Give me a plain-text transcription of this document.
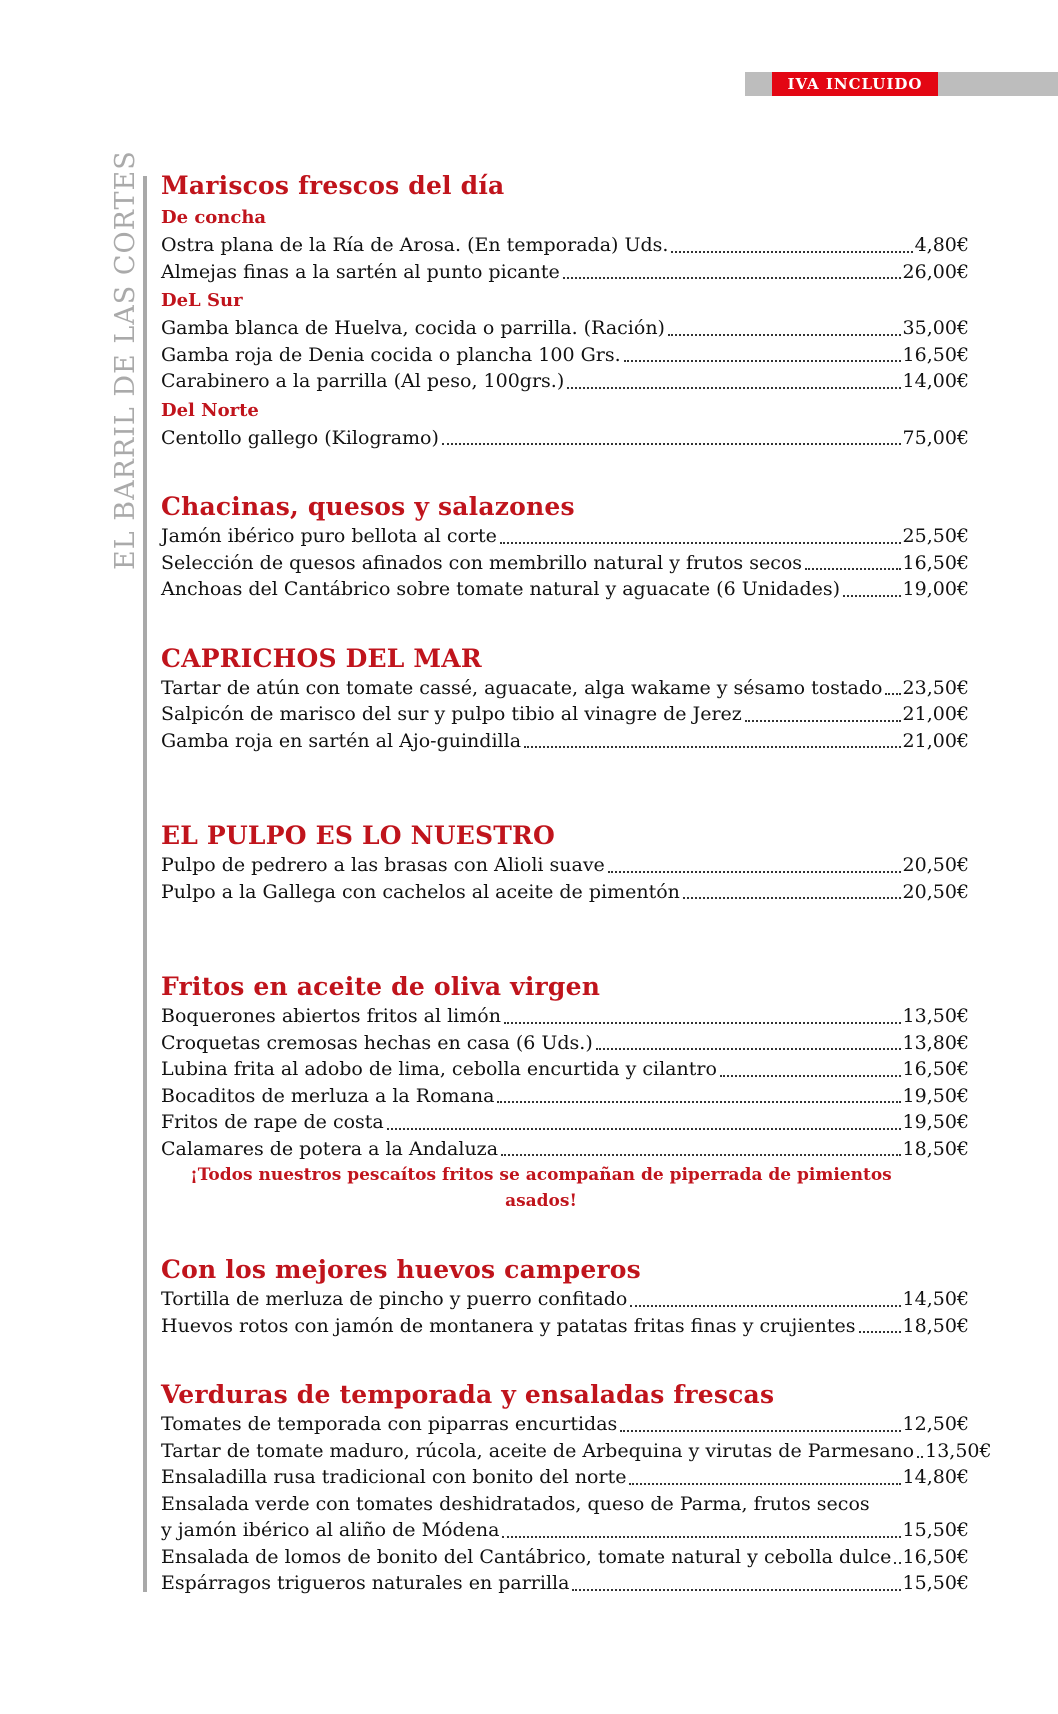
IVA INCLUIDO
EL BARRIL DE LAS CORTES Mariscos frescos del día
De concha
Ostra plana de la Ría de Arosa. (En temporada) Uds.	4,80€
Almejas finas a la sartén al punto picante	26,00€
DeL Sur
Gamba blanca de Huelva, cocida o parrilla. (Ración)	35,00€
Gamba roja de Denia cocida o plancha 100 Grs.	16,50€
Carabinero a la parrilla (Al peso, 100grs.)	14,00€
Del Norte
Centollo gallego (Kilogramo)	75,00€
Chacinas, quesos y salazones
Jamón ibérico puro bellota al corte	25,50€
Selección de quesos afinados con membrillo natural y frutos secos	16,50€
Anchoas del Cantábrico sobre tomate natural y aguacate (6 Unidades)	19,00€
CAPRICHOS DEL MAR
Tartar de atún con tomate cassé, aguacate, alga wakame y sésamo tostado 23,50€
Salpicón de marisco del sur y pulpo tibio al vinagre de Jerez	21,00€
Gamba roja en sartén al Ajo-guindilla	21,00€
EL PULPO ES LO NUESTRO
Pulpo de pedrero a las brasas con Alioli suave	20,50€
Pulpo a la Gallega con cachelos al aceite de pimentón	20,50€
Fritos en aceite de oliva virgen
Boquerones abiertos fritos al limón	13,50€
Croquetas cremosas hechas en casa (6 Uds.)	13,80€
Lubina frita al adobo de lima, cebolla encurtida y cilantro	16,50€
Bocaditos de merluza a la Romana	19,50€
Fritos de rape de costa	19,50€
Calamares de potera a la Andaluza	18,50€
¡Todos nuestros pescaítos fritos se acompañan de piperrada de pimientos
asados!
Con los mejores huevos camperos
Tortilla de merluza de pincho y puerro confitado	14,50€
Huevos rotos con jamón de montanera y patatas fritas finas y crujientes 18,50€
Verduras de temporada y ensaladas frescas
Tomates de temporada con piparras encurtidas	12,50€
Tartar de tomate maduro, rúcola, aceite de Arbequina y virutas de Parmesano 13,50€
Ensaladilla rusa tradicional con bonito del norte	14,80€
Ensalada verde con tomates deshidratados, queso de Parma, frutos secos
y jamón ibérico al aliño de Módena	15,50€
Ensalada de lomos de bonito del Cantábrico, tomate natural y cebolla dulce 16,50€
Espárragos trigueros naturales en parrilla	15,50€
